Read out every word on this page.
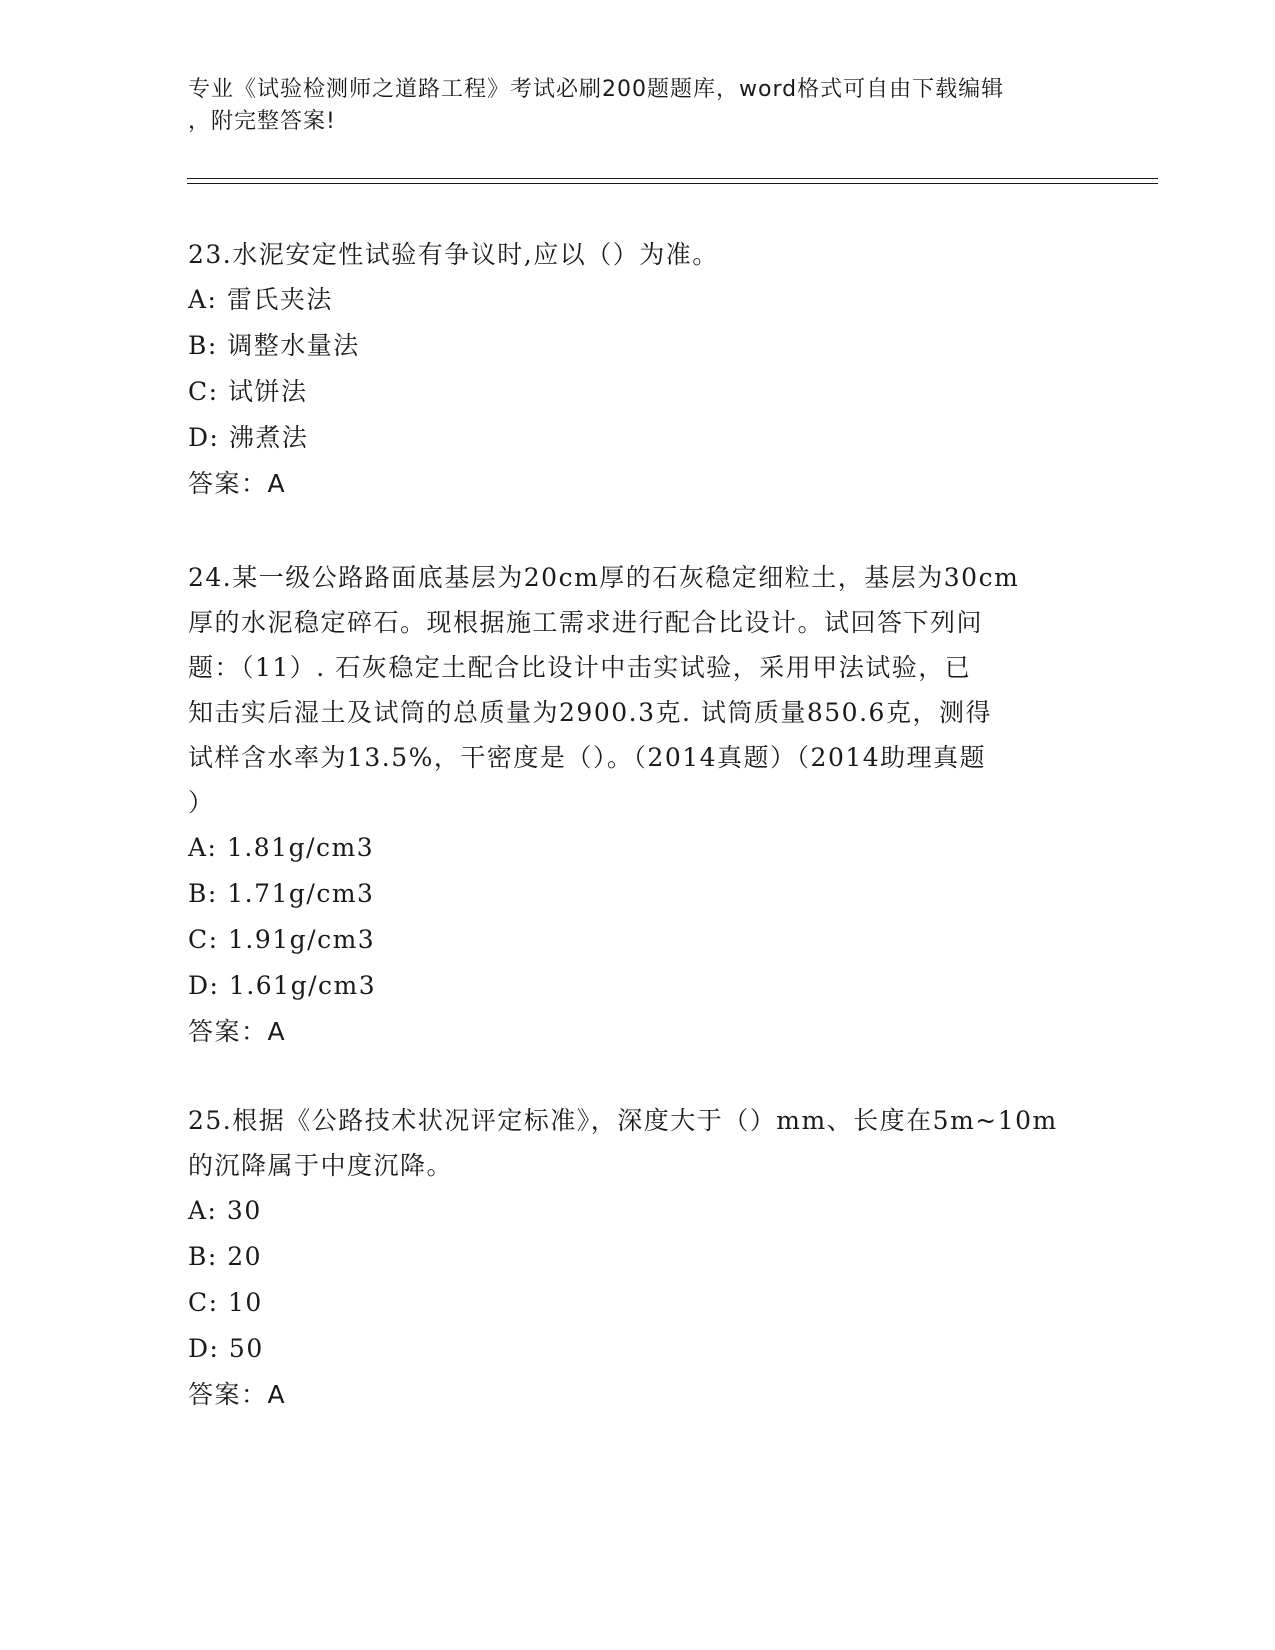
专业《试验检测师之道路工程》考试必刷200题题库，word格式可自由下载编辑
，附完整答案!
23.水泥安定性试验有争议时,应以（）为准。
A: 雷氏夹法
B: 调整水量法
C: 试饼法
D: 沸煮法
答案：A
24.某一级公路路面底基层为20cm厚的石灰稳定细粒土，基层为30cm
厚的水泥稳定碎石。现根据施工需求进行配合比设计。试回答下列问
题：（11）. 石灰稳定土配合比设计中击实试验，采用甲法试验，已
知击实后湿土及试筒的总质量为2900.3克. 试筒质量850.6克，测得
试样含水率为13.5%，干密度是（）。（2014真题）（2014助理真题
）
A: 1.81g/cm3
B: 1.71g/cm3
C: 1.91g/cm3
D: 1.61g/cm3
答案：A
25.根据《公路技术状况评定标准》，深度大于（）mm、长度在5m~10m
的沉降属于中度沉降。
A: 30
B: 20
C: 10
D: 50
答案：A
